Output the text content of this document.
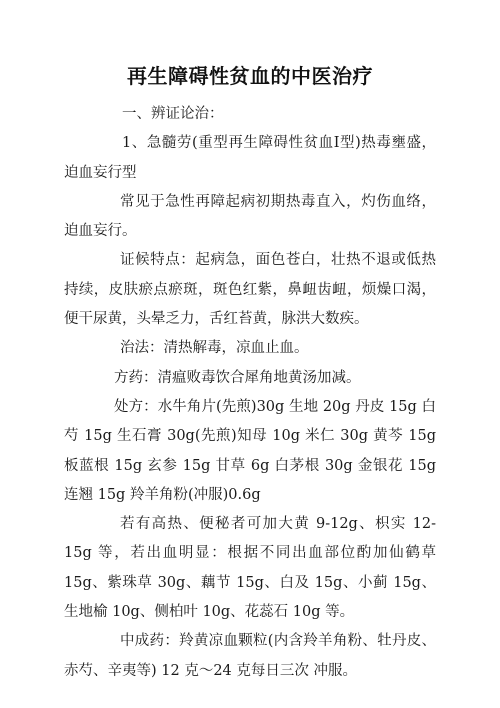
再生障碍性贫血的中医治疗

一、辨证论治：

1、急髓劳(重型再生障碍性贫血Ⅰ型)热毒壅盛，迫血妄行型

常见于急性再障起病初期热毒直入，灼伤血络，迫血妄行。

证候特点：起病急，面色苍白，壮热不退或低热持续，皮肤瘀点瘀斑，斑色红紫，鼻衄齿衄，烦燥口渴，便干尿黄，头晕乏力，舌红苔黄，脉洪大数疾。

治法：清热解毒，凉血止血。

方药：清瘟败毒饮合犀角地黄汤加减。

处方：水牛角片(先煎)30g 生地 20g 丹皮 15g 白芍 15g 生石膏 30g(先煎)知母 10g 米仁 30g 黄芩 15g 板蓝根 15g 玄参 15g 甘草 6g 白茅根 30g 金银花 15g 连翘 15g 羚羊角粉(冲服)0.6g

若有高热、便秘者可加大黄 9-12g、枳实 12-15g 等，若出血明显：根据不同出血部位酌加仙鹤草 15g、紫珠草 30g、藕节 15g、白及 15g、小蓟 15g、生地榆 10g、侧柏叶 10g、花蕊石 10g 等。

中成药：羚黄凉血颗粒(内含羚羊角粉、牡丹皮、赤芍、辛夷等) 12 克～24 克每日三次 冲服。
